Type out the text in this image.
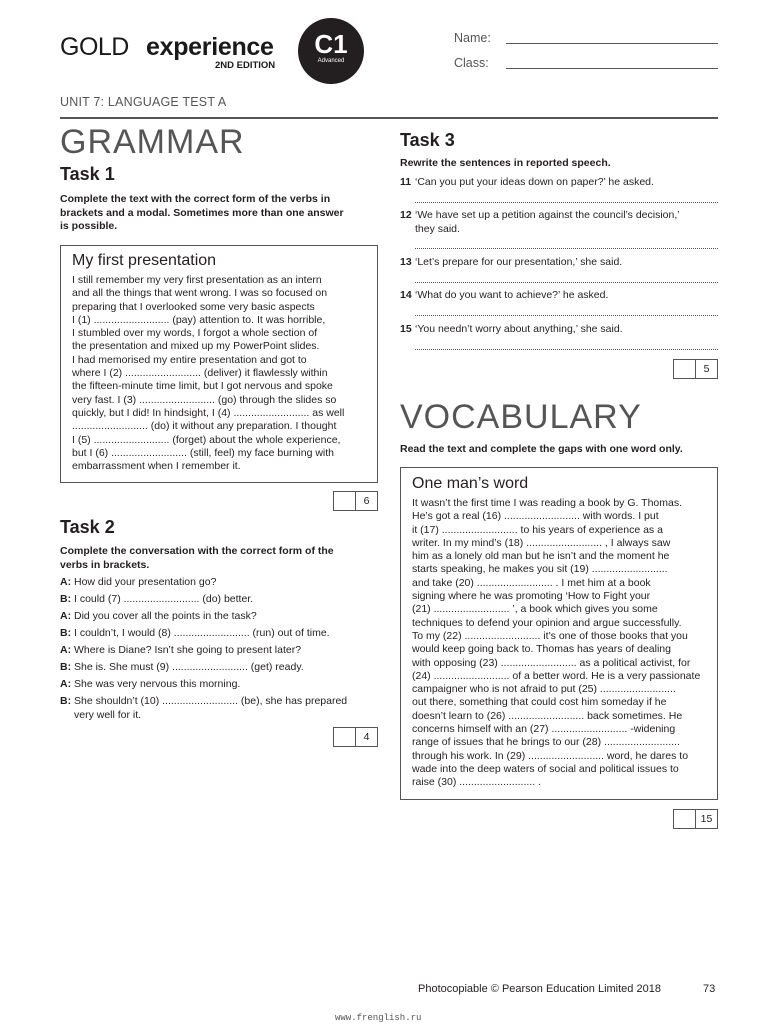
GOLD experience
2ND EDITION
C1
Advanced
Name:
Class:
UNIT 7: LANGUAGE TEST A
GRAMMAR
Task 1
Complete the text with the correct form of the verbs in
brackets and a modal. Sometimes more than one answer
is possible.
My first presentation
I still remember my very first presentation as an intern
and all the things that went wrong. I was so focused on
preparing that I overlooked some very basic aspects
I (1) .......................... (pay) attention to. It was horrible,
I stumbled over my words, I forgot a whole section of
the presentation and mixed up my PowerPoint slides.
I had memorised my entire presentation and got to
where I (2) .......................... (deliver) it flawlessly within
the fifteen-minute time limit, but I got nervous and spoke
very fast. I (3) .......................... (go) through the slides so
quickly, but I did! In hindsight, I (4) .......................... as well
.......................... (do) it without any preparation. I thought
I (5) .......................... (forget) about the whole experience,
but I (6) .......................... (still, feel) my face burning with
embarrassment when I remember it.
6
Task 2
Complete the conversation with the correct form of the
verbs in brackets.
A: How did your presentation go?
B: I could (7) .......................... (do) better.
A: Did you cover all the points in the task?
B: I couldn’t, I would (8) .......................... (run) out of time.
A: Where is Diane? Isn’t she going to present later?
B: She is. She must (9) .......................... (get) ready.
A: She was very nervous this morning.
B: She shouldn’t (10) .......................... (be), she has prepared
very well for it.
4
Task 3
Rewrite the sentences in reported speech.
11 ‘Can you put your ideas down on paper?’ he asked.
12 ‘We have set up a petition against the council’s decision,’
they said.
13 ‘Let’s prepare for our presentation,’ she said.
14 ‘What do you want to achieve?’ he asked.
15 ‘You needn’t worry about anything,’ she said.
5
VOCABULARY
Read the text and complete the gaps with one word only.
One man’s word
It wasn’t the first time I was reading a book by G. Thomas.
He’s got a real (16) .......................... with words. I put
it (17) .......................... to his years of experience as a
writer. In my mind’s (18) .......................... , I always saw
him as a lonely old man but he isn’t and the moment he
starts speaking, he makes you sit (19) ..........................
and take (20) .......................... . I met him at a book
signing where he was promoting ‘How to Fight your
(21) .......................... ’, a book which gives you some
techniques to defend your opinion and argue successfully.
To my (22) .......................... it’s one of those books that you
would keep going back to. Thomas has years of dealing
with opposing (23) .......................... as a political activist, for
(24) .......................... of a better word. He is a very passionate
campaigner who is not afraid to put (25) ..........................
out there, something that could cost him someday if he
doesn’t learn to (26) .......................... back sometimes. He
concerns himself with an (27) .......................... -widening
range of issues that he brings to our (28) ..........................
through his work. In (29) .......................... word, he dares to
wade into the deep waters of social and political issues to
raise (30) .......................... .
15
Photocopiable © Pearson Education Limited 2018	73
www.frenglish.ru
